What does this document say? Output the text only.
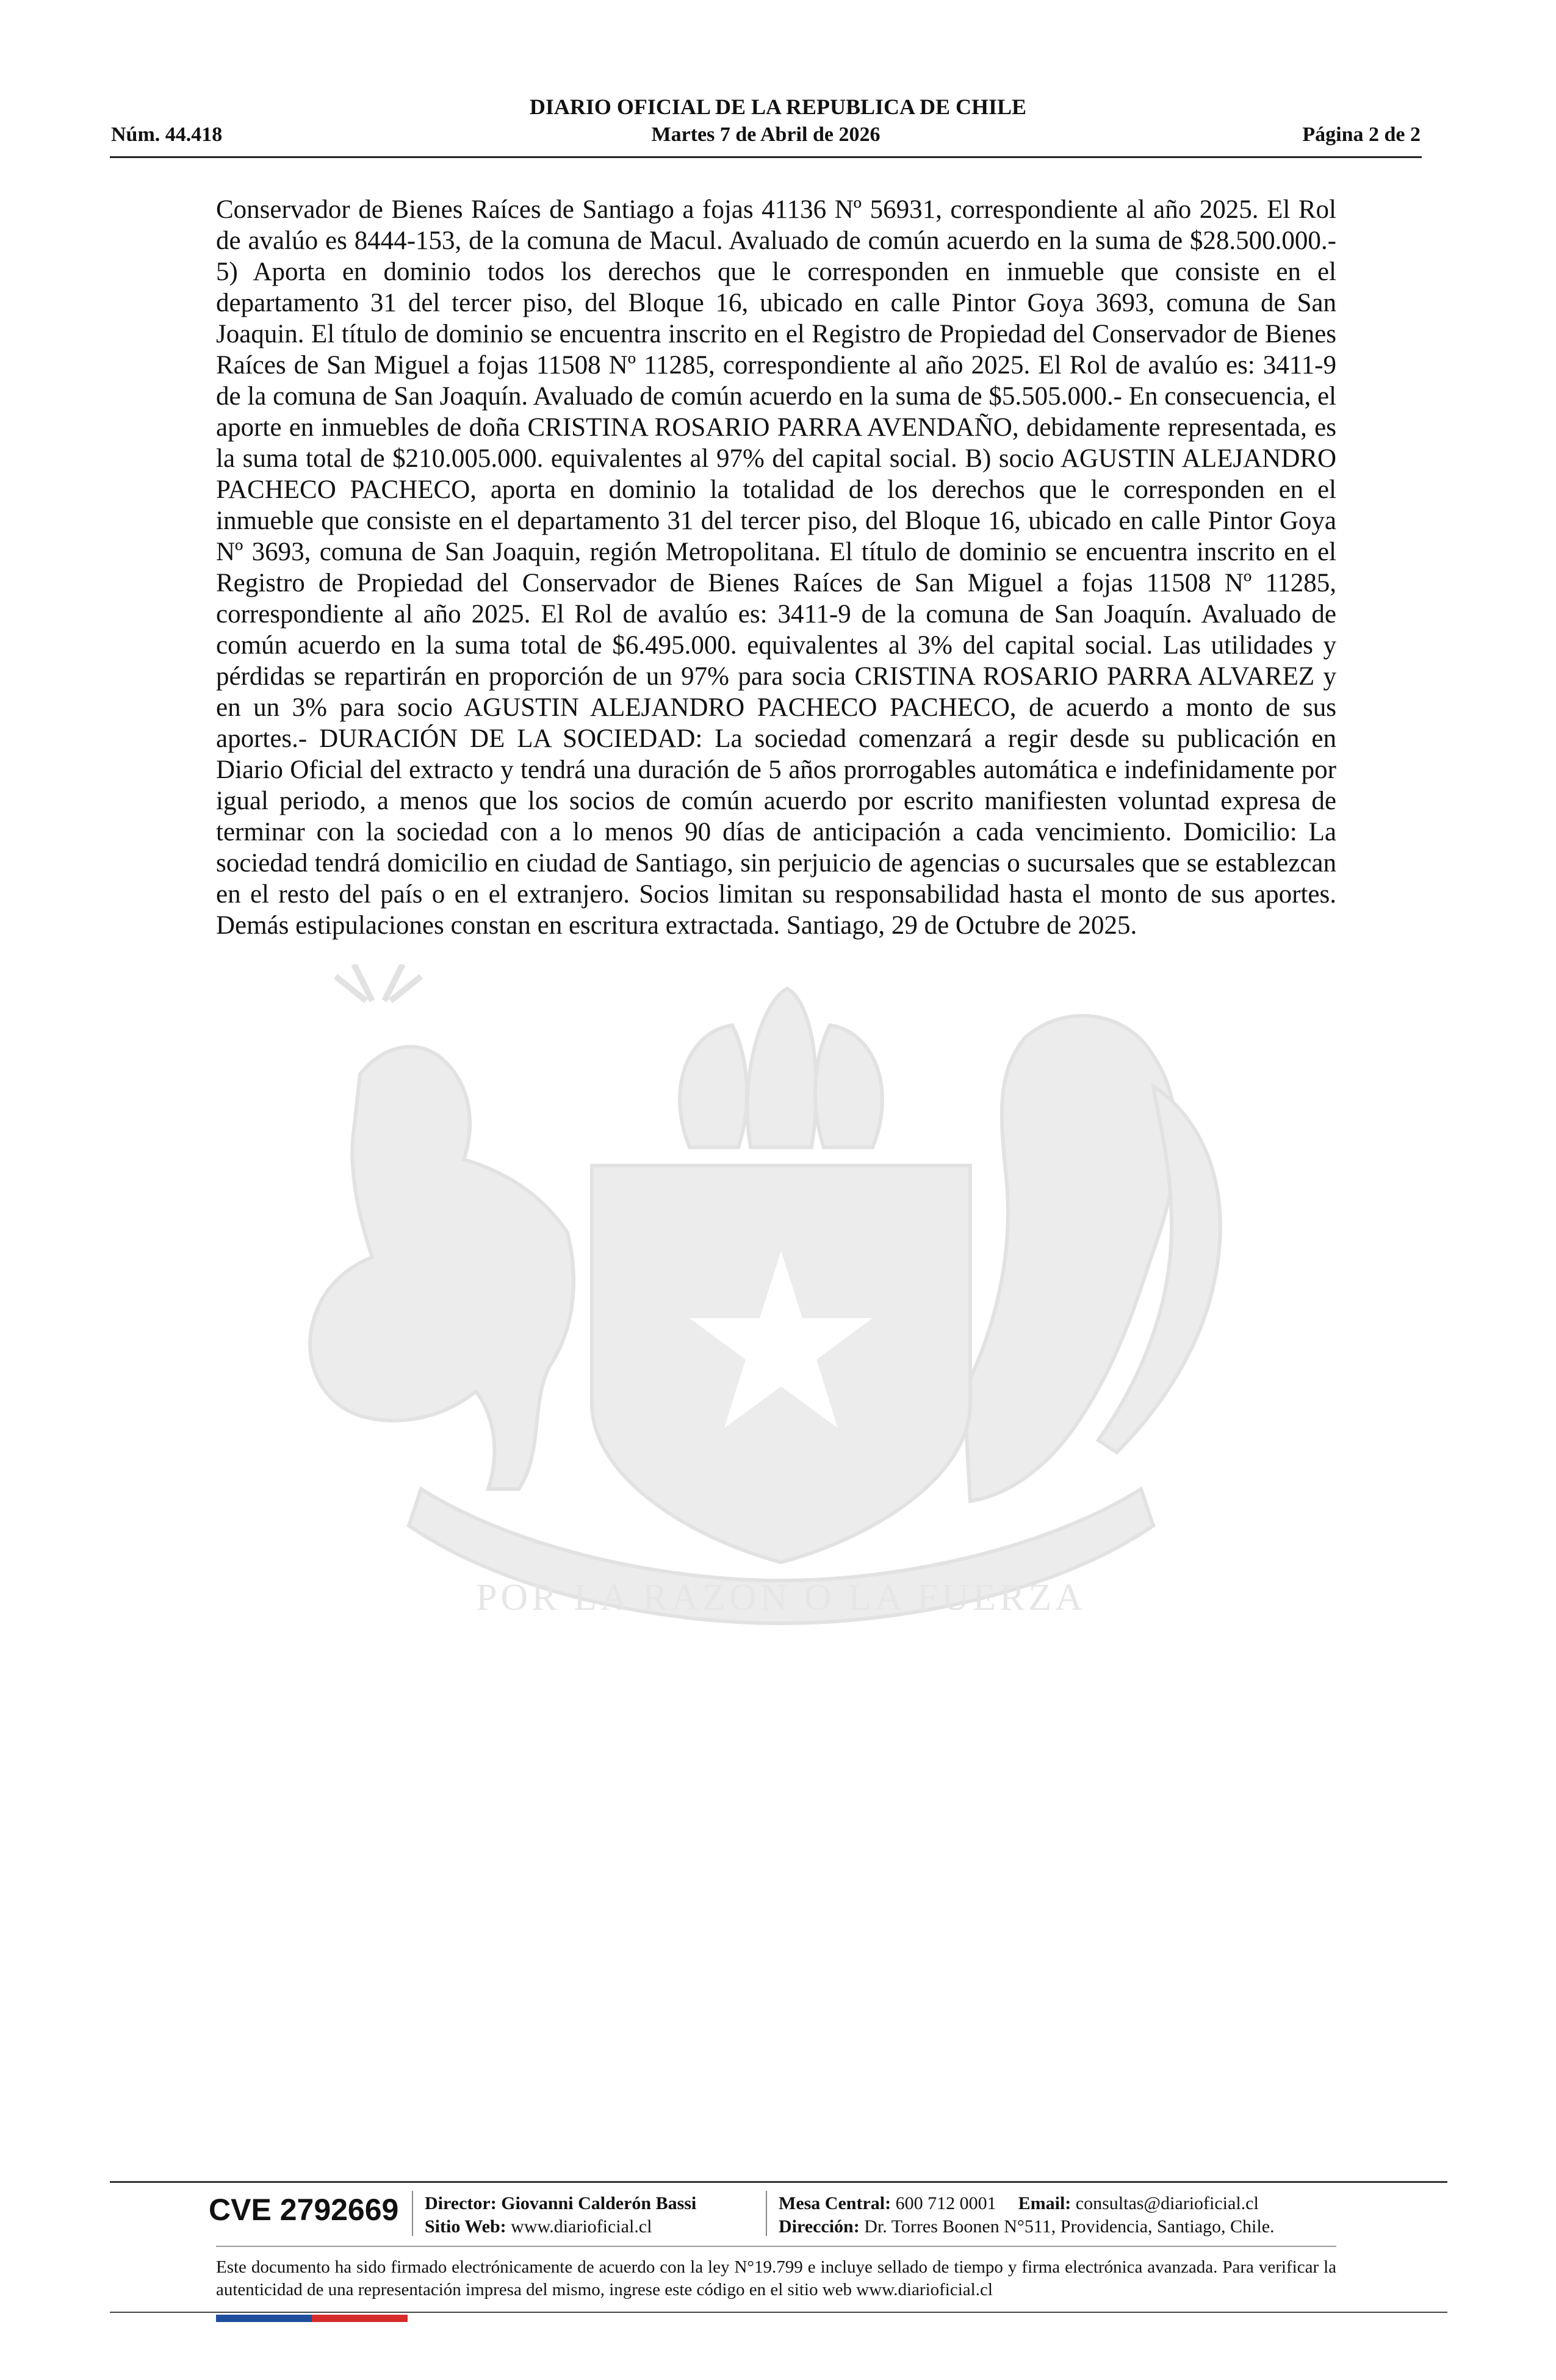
POR LA RAZON O LA FUERZA
DIARIO OFICIAL DE LA REPUBLICA DE CHILE
Núm. 44.418	Martes 7 de Abril de 2026	Página 2 de 2

Conservador de Bienes Raíces de Santiago a fojas 41136 Nº 56931, correspondiente al año 2025. El Rol de avalúo es 8444-153, de la comuna de Macul. Avaluado de común acuerdo en la suma de $28.500.000.- 5) Aporta en dominio todos los derechos que le corresponden en inmueble que consiste en el departamento 31 del tercer piso, del Bloque 16, ubicado en calle Pintor Goya 3693, comuna de San Joaquin. El título de dominio se encuentra inscrito en el Registro de Propiedad del Conservador de Bienes Raíces de San Miguel a fojas 11508 Nº 11285, correspondiente al año 2025. El Rol de avalúo es: 3411-9 de la comuna de San Joaquín. Avaluado de común acuerdo en la suma de $5.505.000.- En consecuencia, el aporte en inmuebles de doña CRISTINA ROSARIO PARRA AVENDAÑO, debidamente representada, es la suma total de $210.005.000. equivalentes al 97% del capital social. B) socio AGUSTIN ALEJANDRO PACHECO PACHECO, aporta en dominio la totalidad de los derechos que le corresponden en el inmueble que consiste en el departamento 31 del tercer piso, del Bloque 16, ubicado en calle Pintor Goya Nº 3693, comuna de San Joaquin, región Metropolitana. El título de dominio se encuentra inscrito en el Registro de Propiedad del Conservador de Bienes Raíces de San Miguel a fojas 11508 Nº 11285, correspondiente al año 2025. El Rol de avalúo es: 3411-9 de la comuna de San Joaquín. Avaluado de común acuerdo en la suma total de $6.495.000. equivalentes al 3% del capital social. Las utilidades y pérdidas se repartirán en proporción de un 97% para socia CRISTINA ROSARIO PARRA ALVAREZ y en un 3% para socio AGUSTIN ALEJANDRO PACHECO PACHECO, de acuerdo a monto de sus aportes.- DURACIÓN DE LA SOCIEDAD: La sociedad comenzará a regir desde su publicación en Diario Oficial del extracto y tendrá una duración de 5 años prorrogables automática e indefinidamente por igual periodo, a menos que los socios de común acuerdo por escrito manifiesten voluntad expresa de terminar con la sociedad con a lo menos 90 días de anticipación a cada vencimiento. Domicilio: La sociedad tendrá domicilio en ciudad de Santiago, sin perjuicio de agencias o sucursales que se establezcan en el resto del país o en el extranjero. Socios limitan su responsabilidad hasta el monto de sus aportes. Demás estipulaciones constan en escritura extractada. Santiago, 29 de Octubre de 2025.

CVE 2792669 Director: Giovanni Calderón Bassi
Sitio Web: www.diarioficial.cl
Mesa Central: 600 712 0001 Email: consultas@diarioficial.cl
Dirección: Dr. Torres Boonen N°511, Providencia, Santiago, Chile.

Este documento ha sido firmado electrónicamente de acuerdo con la ley N°19.799 e incluye sellado de tiempo y firma electrónica avanzada. Para verificar la autenticidad de una representación impresa del mismo, ingrese este código en el sitio web www.diarioficial.cl
